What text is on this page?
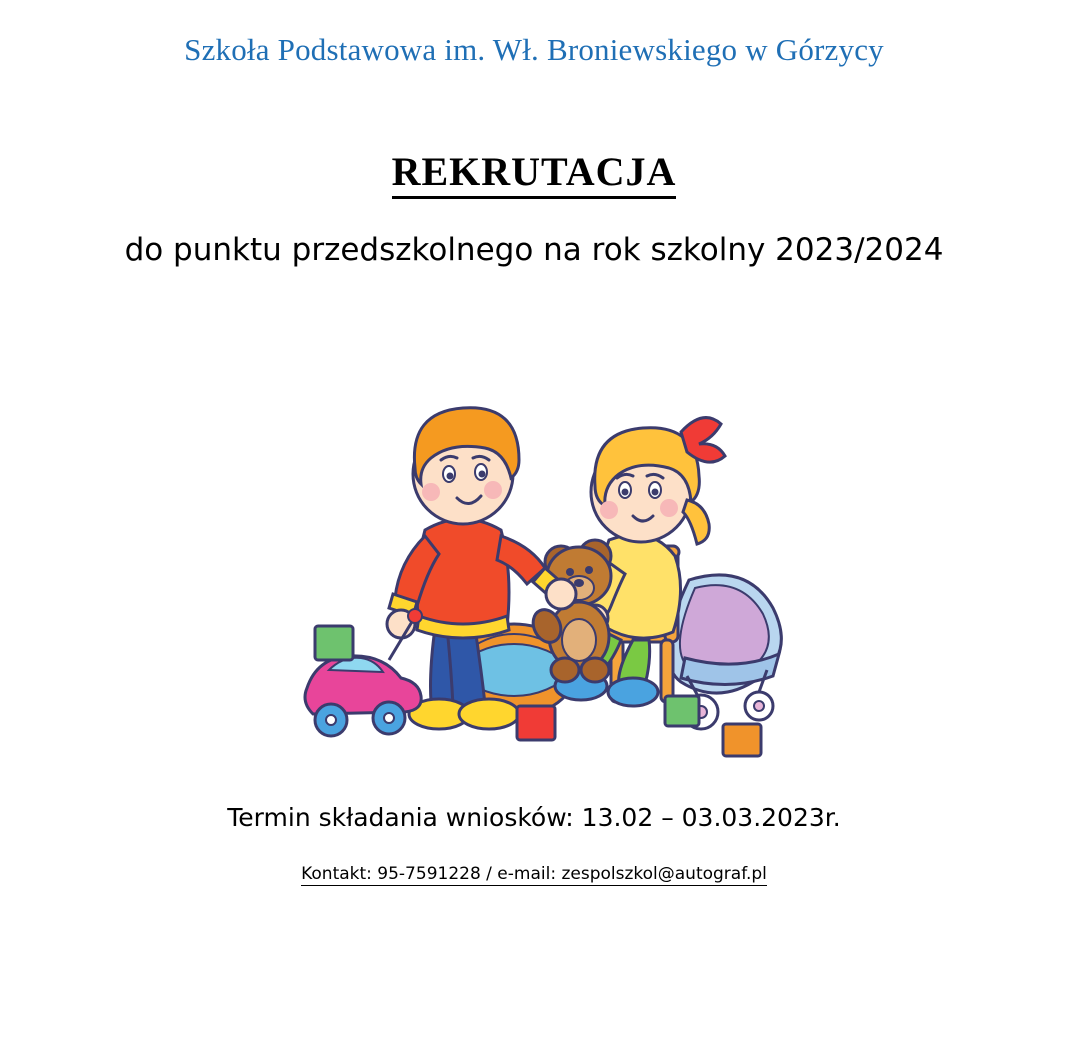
Szkoła Podstawowa im. Wł. Broniewskiego w Górzycy
REKRUTACJA
do punktu przedszkolnego na rok szkolny 2023/2024
Termin składania wniosków: 13.02 – 03.03.2023r.
Kontakt: 95-7591228 / e-mail: zespolszkol@autograf.pl
